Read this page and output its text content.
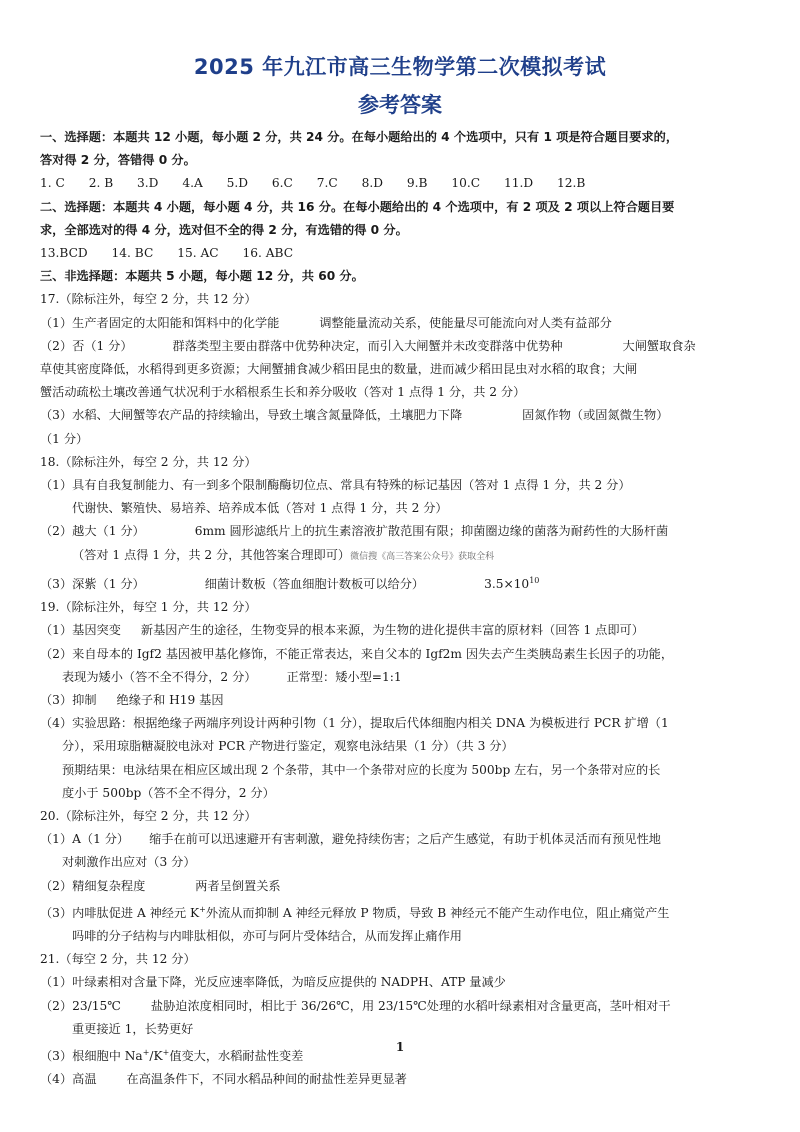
2025 年九江市高三生物学第二次模拟考试
参考答案
一、选择题：本题共 12 小题，每小题 2 分，共 24 分。在每小题给出的 4 个选项中，只有 1 项是符合题目要求的，
答对得 2 分，答错得 0 分。
1. C 2. B 3.D 4.A 5.D 6.C 7.C 8.D 9.B 10.C 11.D 12.B
二、选择题：本题共 4 小题，每小题 4 分，共 16 分。在每小题给出的 4 个选项中，有 2 项及 2 项以上符合题目要
求，全部选对的得 4 分，选对但不全的得 2 分，有选错的得 0 分。
13.BCD 14. BC 15. AC 16. ABC
三、非选择题：本题共 5 小题，每小题 12 分，共 60 分。
17.（除标注外，每空 2 分，共 12 分）
（1）生产者固定的太阳能和饵料中的化学能	调整能量流动关系，使能量尽可能流向对人类有益部分
（2）否（1 分）	群落类型主要由群落中优势种决定，而引入大闸蟹并未改变群落中优势种	大闸蟹取食杂
草使其密度降低，水稻得到更多资源；大闸蟹捕食减少稻田昆虫的数量，进而减少稻田昆虫对水稻的取食；大闸
蟹活动疏松土壤改善通气状况利于水稻根系生长和养分吸收（答对 1 点得 1 分，共 2 分）
（3）水稻、大闸蟹等农产品的持续输出，导致土壤含氮量降低，土壤肥力下降	固氮作物（或固氮微生物）
（1 分）
18.（除标注外，每空 2 分，共 12 分）
（1）具有自我复制能力、有一到多个限制酶酶切位点、常具有特殊的标记基因（答对 1 点得 1 分，共 2 分）
代谢快、繁殖快、易培养、培养成本低（答对 1 点得 1 分，共 2 分）
（2）越大（1 分）	6mm 圆形滤纸片上的抗生素溶液扩散范围有限；抑菌圈边缘的菌落为耐药性的大肠杆菌
（答对 1 点得 1 分，共 2 分，其他答案合理即可）微信搜《高三答案公众号》获取全科
（3）深紫（1 分）	细菌计数板（答血细胞计数板可以给分）	$3.5\times 10^{10}$
19.（除标注外，每空 1 分，共 12 分）
（1）基因突变 新基因产生的途径，生物变异的根本来源，为生物的进化提供丰富的原材料（回答 1 点即可）
（2）来自母本的 Igf2 基因被甲基化修饰，不能正常表达，来自父本的 Igf2m 因失去产生类胰岛素生长因子的功能，
表现为矮小（答不全不得分，2 分） 正常型：矮小型=1:1
（3）抑制 绝缘子和 H19 基因
（4）实验思路：根据绝缘子两端序列设计两种引物（1 分），提取后代体细胞内相关 DNA 为模板进行 PCR 扩增（1
分），采用琼脂糖凝胶电泳对 PCR 产物进行鉴定，观察电泳结果（1 分）（共 3 分）
预期结果：电泳结果在相应区域出现 2 个条带，其中一个条带对应的长度为 500bp 左右，另一个条带对应的长
度小于 500bp（答不全不得分，2 分）
20.（除标注外，每空 2 分，共 12 分）
（1）A（1 分） 缩手在前可以迅速避开有害刺激，避免持续伤害；之后产生感觉，有助于机体灵活而有预见性地
对刺激作出应对（3 分）
（2）精细复杂程度	两者呈倒置关系
（3）内啡肽促进 A 神经元 K+外流从而抑制 A 神经元释放 P 物质，导致 B 神经元不能产生动作电位，阻止痛觉产生
吗啡的分子结构与内啡肽相似，亦可与阿片受体结合，从而发挥止痛作用
21.（每空 2 分，共 12 分）
（1）叶绿素相对含量下降，光反应速率降低，为暗反应提供的 NADPH、ATP 量减少
（2）23/15℃ 盐胁迫浓度相同时，相比于 36/26℃，用 23/15℃处理的水稻叶绿素相对含量更高，茎叶相对干
重更接近 1，长势更好
（3）根细胞中 Na+/K+值变大，水稻耐盐性变差
（4）高温 在高温条件下，不同水稻品种间的耐盐性差异更显著
1
